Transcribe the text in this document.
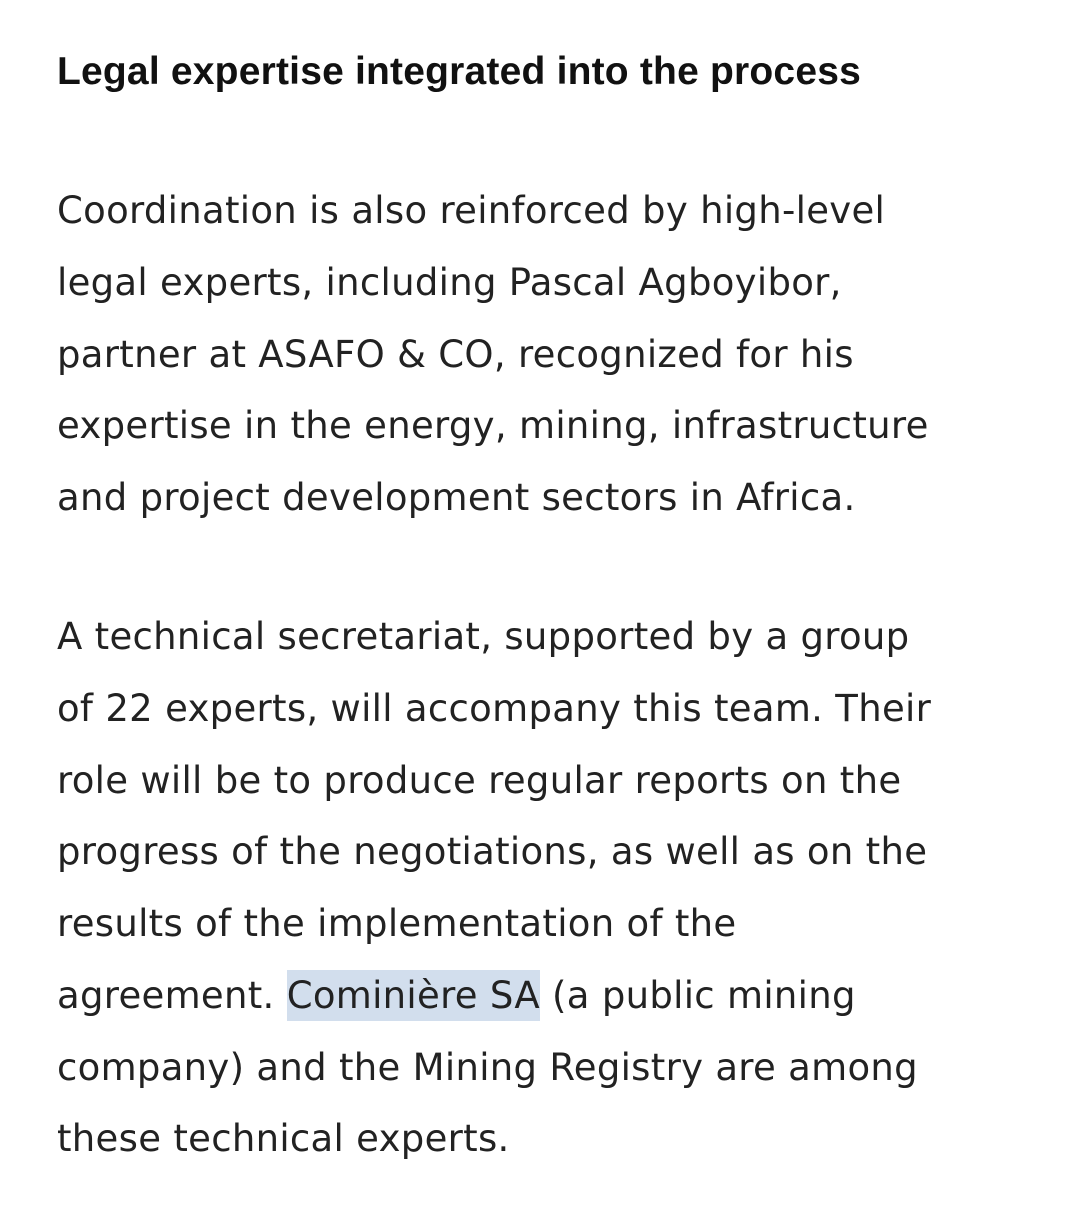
Legal expertise integrated into the process

Coordination is also reinforced by high-level
legal experts, including Pascal Agboyibor,
partner at ASAFO & CO, recognized for his
expertise in the energy, mining, infrastructure
and project development sectors in Africa.

A technical secretariat, supported by a group
of 22 experts, will accompany this team. Their
role will be to produce regular reports on the
progress of the negotiations, as well as on the
results of the implementation of the
agreement. Cominière SA (a public mining
company) and the Mining Registry are among
these technical experts.
